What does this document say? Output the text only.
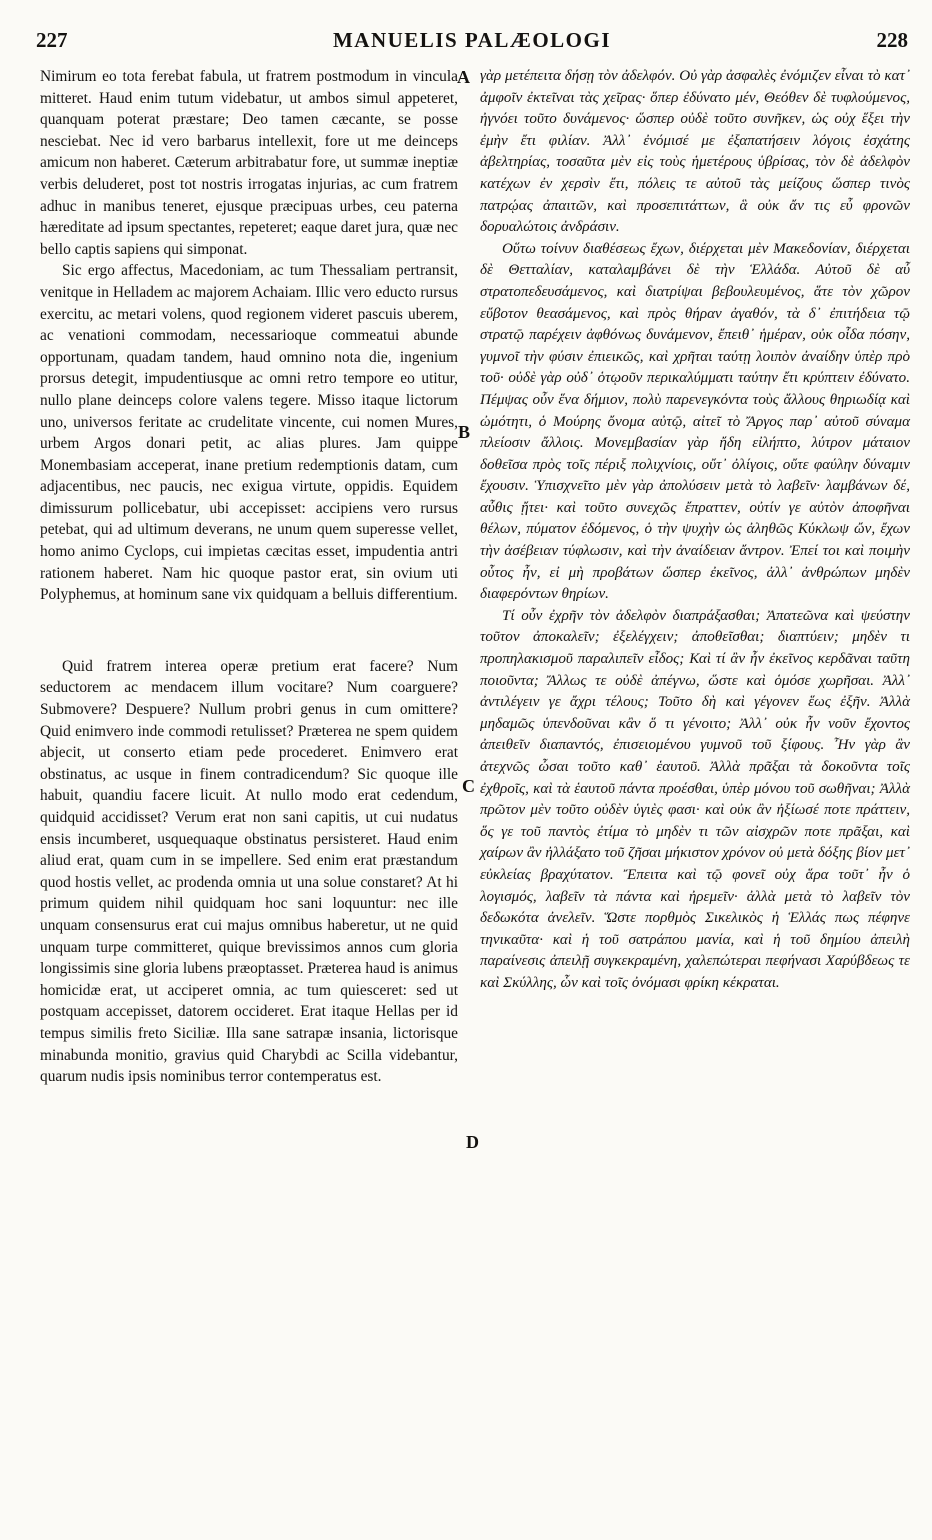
227	MANUELIS PALÆOLOGI	228

Nimirum eo tota ferebat fabula, ut fratrem postmodum in vincula mitteret. Haud enim tutum videbatur, ut ambos simul appeteret, quanquam poterat præstare; Deo tamen cæcante, se posse nesciebat. Nec id vero barbarus intellexit, fore ut me deinceps amicum non haberet. Cæterum arbitrabatur fore, ut summæ ineptiæ verbis deluderet, post tot nostris irrogatas injurias, ac cum fratrem adhuc in manibus teneret, ejusque præcipuas urbes, ceu paterna hæreditate ad ipsum spectantes, repeteret; eaque daret jura, quæ nec bello captis sapiens qui simponat.

Sic ergo affectus, Macedoniam, ac tum Thessaliam pertransit, venitque in Helladem ac majorem Achaiam. Illic vero educto rursus exercitu, ac metari volens, quod regionem videret pascuis uberem, ac venationi commodam, necessarioque commeatui abunde opportunam, quadam tandem, haud omnino nota die, ingenium prorsus detegit, impudentiusque ac omni retro tempore eo utitur, nullo plane deinceps colore valens tegere. Misso itaque lictorum uno, universos feritate ac crudelitate vincente, cui nomen Mures, urbem Argos donari petit, ac alias plures. Jam quippe Monembasiam acceperat, inane pretium redemptionis datam, cum adjacentibus, nec paucis, nec exigua virtute, oppidis. Equidem dimissurum pollicebatur, ubi accepisset: accipiens vero rursus petebat, qui ad ultimum deverans, ne unum quem superesse vellet, homo animo Cyclops, cui impietas cæcitas esset, impudentia antri rationem haberet. Nam hic quoque pastor erat, sin ovium uti Polyphemus, at hominum sane vix quidquam a belluis differentium.

Quid fratrem interea operæ pretium erat facere? Num seductorem ac mendacem illum vocitare? Num coarguere? Submovere? Despuere? Nullum probri genus in cum omittere? Quid enimvero inde commodi retulisset? Præterea ne spem quidem abjecit, ut conserto etiam pede procederet. Enimvero erat obstinatus, ac usque in finem contradicendum? Sic quoque ille habuit, quandiu facere licuit. At nullo modo erat cedendum, quidquid accidisset? Verum erat non sani capitis, ut cui nudatus ensis incumberet, usquequaque obstinatus persisteret. Haud enim aliud erat, quam cum in se impellere. Sed enim erat præstandum quod hostis vellet, ac prodenda omnia ut una solue constaret? At hi primum quidem nihil quidquam hoc sani loquuntur: nec ille unquam consensurus erat cui majus omnibus haberetur, ut ne quid unquam turpe committeret, quique brevissimos annos cum gloria longissimis sine gloria lubens præoptasset. Præterea haud is animus homicidæ erat, ut acciperet omnia, ac tum quiesceret: sed ut postquam accepisset, datorem occideret. Erat itaque Hellas per id tempus similis freto Siciliæ. Illa sane satrapæ insania, lictorisque minabunda monitio, gravius quid Charybdi ac Scilla videbantur, quarum nudis ipsis nominibus terror contemperatus est.

A
B
C
D

γὰρ μετέπειτα δήσῃ τὸν ἀδελφόν. Οὐ γὰρ ἀσφαλὲς ἐνόμιζεν εἶναι τὸ κατ᾽ ἀμφοῖν ἐκτεῖναι τὰς χεῖρας· ὅπερ ἐδύνατο μέν, Θεόθεν δὲ τυφλούμενος, ἠγνόει τοῦτο δυνάμενος· ὥσπερ οὐδὲ τοῦτο συνῆκεν, ὡς οὐχ ἕξει τὴν ἐμὴν ἔτι φιλίαν. Ἀλλ᾽ ἐνόμισέ με ἐξαπατήσειν λόγοις ἐσχάτης ἀβελτηρίας, τοσαῦτα μὲν εἰς τοὺς ἡμετέρους ὑβρίσας, τὸν δὲ ἀδελφὸν κατέχων ἐν χερσὶν ἔτι, πόλεις τε αὐτοῦ τὰς μείζους ὥσπερ τινὸς πατρῴας ἀπαιτῶν, καὶ προσεπιτάττων, ἃ οὐκ ἄν τις εὖ φρονῶν δορυαλώτοις ἀνδράσιν.

Οὕτω τοίνυν διαθέσεως ἔχων, διέρχεται μὲν Μακεδονίαν, διέρχεται δὲ Θετταλίαν, καταλαμβάνει δὲ τὴν Ἑλλάδα. Αὐτοῦ δὲ αὖ στρατοπεδευσάμενος, καὶ διατρίψαι βεβουλευμένος, ἅτε τὸν χῶρον εὔβοτον θεασάμενος, καὶ πρὸς θήραν ἀγαθόν, τὰ δ᾽ ἐπιτήδεια τῷ στρατῷ παρέχειν ἀφθόνως δυνάμενον, ἔπειθ᾽ ἡμέραν, οὐκ οἶδα πόσην, γυμνοῖ τὴν φύσιν ἐπιεικῶς, καὶ χρῆται ταύτῃ λοιπὸν ἀναίδην ὑπὲρ πρὸ τοῦ· οὐδὲ γὰρ οὐδ᾽ ὁτῳοῦν περικαλύμματι ταύτην ἔτι κρύπτειν ἐδύνατο. Πέμψας οὖν ἕνα δήμιον, πολὺ παρενεγκόντα τοὺς ἄλλους θηριωδίᾳ καὶ ὠμότητι, ὁ Μούρης ὄνομα αὐτῷ, αἰτεῖ τὸ Ἄργος παρ᾽ αὐτοῦ σύναμα πλείοσιν ἄλλοις. Μονεμβασίαν γὰρ ἤδη εἰλήπτο, λύτρον μάταιον δοθεῖσα πρὸς τοῖς πέριξ πολιχνίοις, οὔτ᾽ ὀλίγοις, οὔτε φαύλην δύναμιν ἔχουσιν. Ὑπισχνεῖτο μὲν γὰρ ἀπολύσειν μετὰ τὸ λαβεῖν· λαμβάνων δέ, αὖθις ᾔτει· καὶ τοῦτο συνεχῶς ἔπραττεν, οὐτίν γε αὐτὸν ἀποφῆναι θέλων, πύματον ἐδόμενος, ὁ τὴν ψυχὴν ὡς ἀληθῶς Κύκλωψ ὤν, ἔχων τὴν ἀσέβειαν τύφλωσιν, καὶ τὴν ἀναίδειαν ἄντρον. Ἐπεί τοι καὶ ποιμὴν οὗτος ἦν, εἰ μὴ προβάτων ὥσπερ ἐκεῖνος, ἀλλ᾽ ἀνθρώπων μηδὲν διαφερόντων θηρίων.

Τί οὖν ἐχρῆν τὸν ἀδελφὸν διαπράξασθαι; Ἀπατεῶνα καὶ ψεύστην τοῦτον ἀποκαλεῖν; ἐξελέγχειν; ἀποθεῖσθαι; διαπτύειν; μηδὲν τι προπηλακισμοῦ παραλιπεῖν εἶδος; Καὶ τί ἂν ἦν ἐκεῖνος κερδᾶναι ταῦτη ποιοῦντα; Ἄλλως τε οὐδὲ ἀπέγνω, ὥστε καὶ ὁμόσε χωρῆσαι. Ἀλλ᾽ ἀντιλέγειν γε ἄχρι τέλους; Τοῦτο δὴ καὶ γέγονεν ἕως ἐξῆν. Ἀλλὰ μηδαμῶς ὑπενδοῦναι κἂν ὅ τι γένοιτο; Ἀλλ᾽ οὐκ ἦν νοῦν ἔχοντος ἀπειθεῖν διαπαντός, ἐπισειομένου γυμνοῦ τοῦ ξίφους. Ἦν γὰρ ἂν ἀτεχνῶς ὦσαι τοῦτο καθ᾽ ἑαυτοῦ. Ἀλλὰ πρᾶξαι τὰ δοκοῦντα τοῖς ἐχθροῖς, καὶ τὰ ἑαυτοῦ πάντα προέσθαι, ὑπὲρ μόνου τοῦ σωθῆναι; Ἀλλὰ πρῶτον μὲν τοῦτο οὐδὲν ὑγιὲς φασι· καὶ οὐκ ἂν ἠξίωσέ ποτε πράττειν, ὅς γε τοῦ παντὸς ἐτίμα τὸ μηδὲν τι τῶν αἰσχρῶν ποτε πρᾶξαι, καὶ χαίρων ἂν ἠλλάξατο τοῦ ζῆσαι μήκιστον χρόνον οὐ μετὰ δόξης βίον μετ᾽ εὐκλείας βραχύτατον. Ἔπειτα καὶ τῷ φονεῖ οὐχ ἅρα τοῦτ᾽ ἦν ὁ λογισμός, λαβεῖν τὰ πάντα καὶ ἠρεμεῖν· ἀλλὰ μετὰ τὸ λαβεῖν τὸν δεδωκότα ἀνελεῖν. Ὥστε πορθμὸς Σικελικὸς ἡ Ἑλλάς πως πέφηνε τηνικαῦτα· καὶ ἡ τοῦ σατράπου μανία, καὶ ἡ τοῦ δημίου ἀπειλὴ παραίνεσις ἀπειλῇ συγκεκραμένη, χαλεπώτεραι πεφήνασι Χαρύβδεως τε καὶ Σκύλλης, ὧν καὶ τοῖς ὀνόμασι φρίκη κέκραται.
